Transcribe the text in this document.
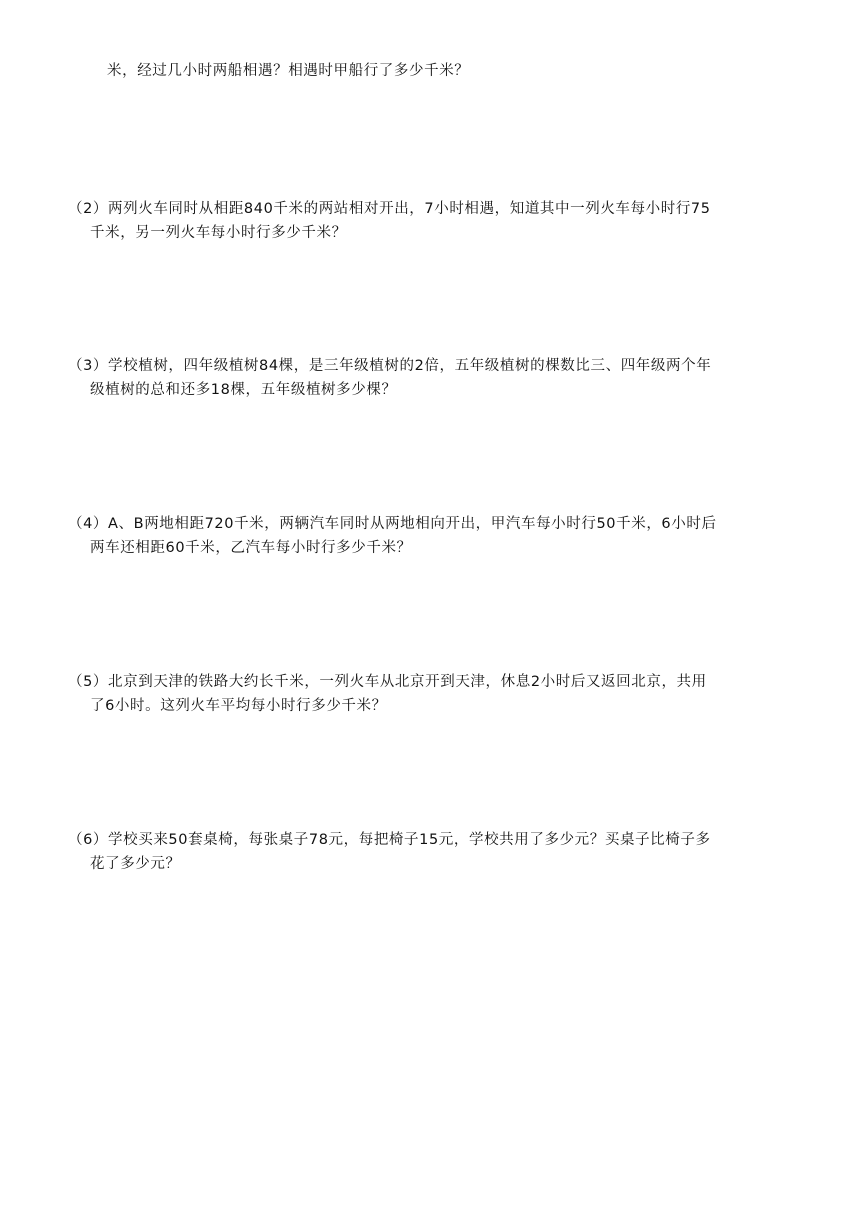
米，经过几小时两船相遇？相遇时甲船行了多少千米？
（2）两列火车同时从相距840千米的两站相对开出，7小时相遇，知道其中一列火车每小时行75
千米，另一列火车每小时行多少千米？
（3）学校植树，四年级植树84棵，是三年级植树的2倍，五年级植树的棵数比三、四年级两个年
级植树的总和还多18棵，五年级植树多少棵？
（4）A、B两地相距720千米，两辆汽车同时从两地相向开出，甲汽车每小时行50千米，6小时后
两车还相距60千米，乙汽车每小时行多少千米？
（5）北京到天津的铁路大约长千米，一列火车从北京开到天津，休息2小时后又返回北京，共用
了6小时。这列火车平均每小时行多少千米？
（6）学校买来50套桌椅，每张桌子78元，每把椅子15元，学校共用了多少元？买桌子比椅子多
花了多少元？
